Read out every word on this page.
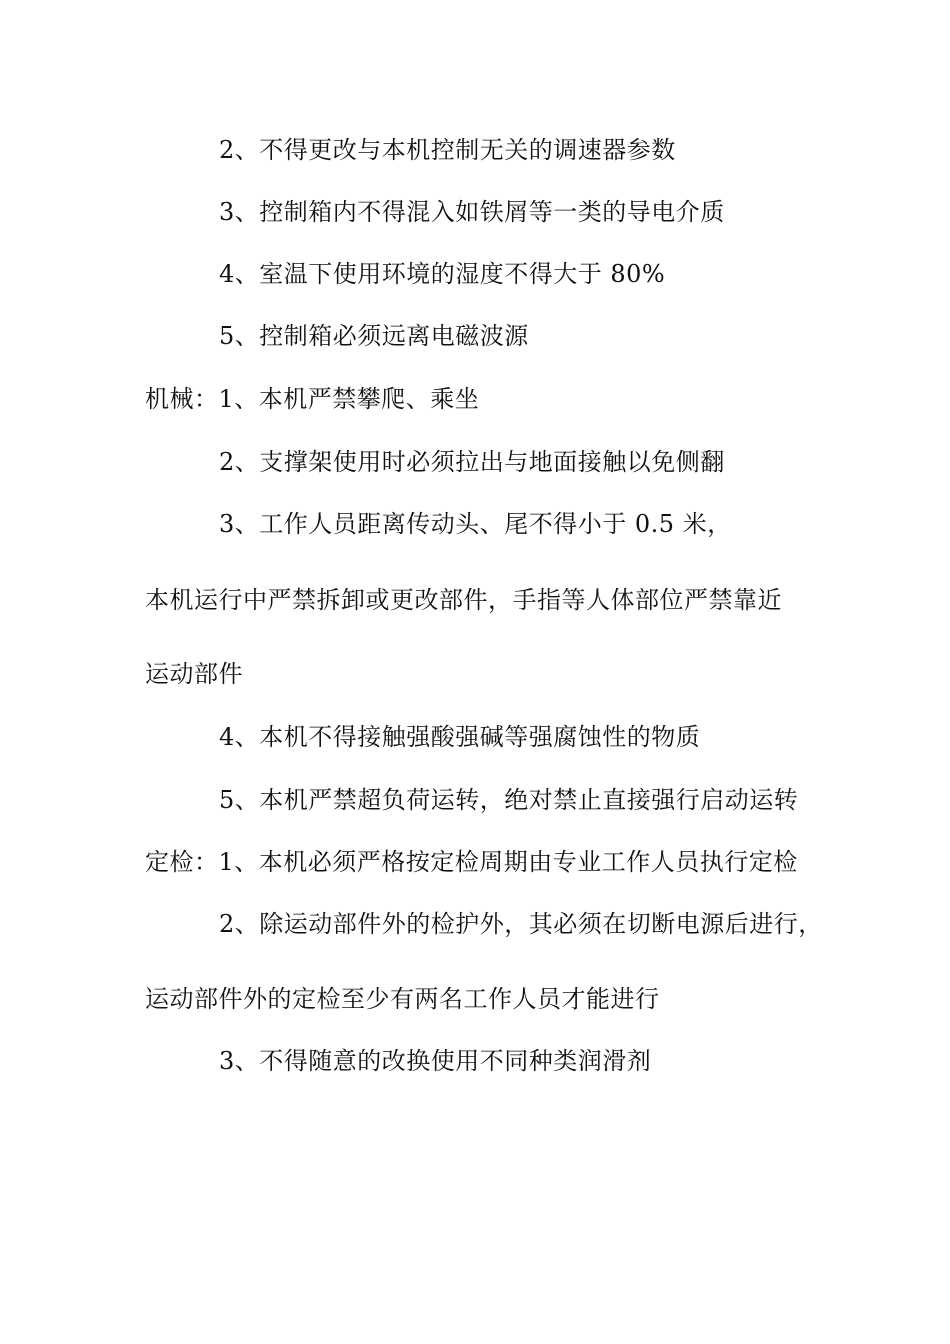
2、不得更改与本机控制无关的调速器参数
3、控制箱内不得混入如铁屑等一类的导电介质
4、室温下使用环境的湿度不得大于 80%
5、控制箱必须远离电磁波源
机械：1、本机严禁攀爬、乘坐
2、支撑架使用时必须拉出与地面接触以免侧翻
3、工作人员距离传动头、尾不得小于 0.5 米，
本机运行中严禁拆卸或更改部件，手指等人体部位严禁靠近
运动部件
4、本机不得接触强酸强碱等强腐蚀性的物质
5、本机严禁超负荷运转，绝对禁止直接强行启动运转
定检：1、本机必须严格按定检周期由专业工作人员执行定检
2、除运动部件外的检护外，其必须在切断电源后进行，
运动部件外的定检至少有两名工作人员才能进行
3、不得随意的改换使用不同种类润滑剂
